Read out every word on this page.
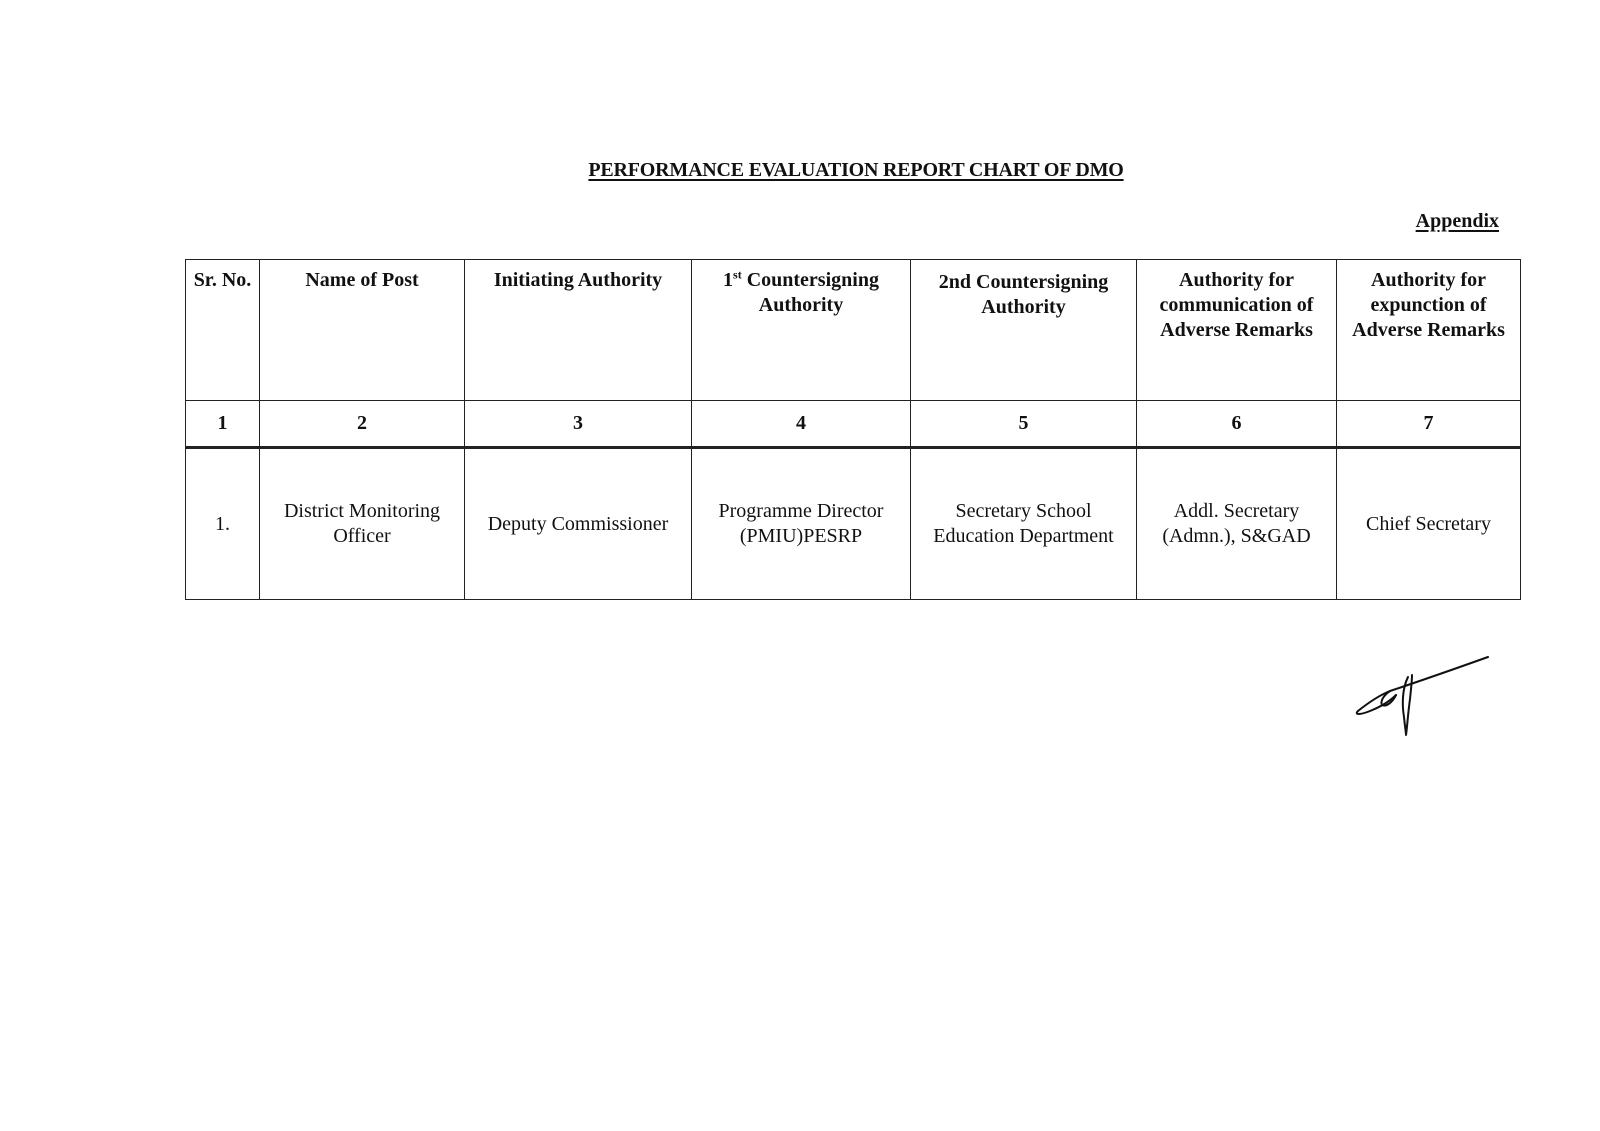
PERFORMANCE EVALUATION REPORT CHART OF DMO
Appendix
Sr. No.	Name of Post	Initiating Authority	1st Countersigning Authority	2nd Countersigning Authority	Authority for communication of Adverse Remarks	Authority for expunction of Adverse Remarks
1	2	3	4	5	6	7
1.	District Monitoring Officer	Deputy Commissioner	Programme Director (PMIU)PESRP	Secretary School Education Department	Addl. Secretary (Admn.), S&GAD	Chief Secretary
